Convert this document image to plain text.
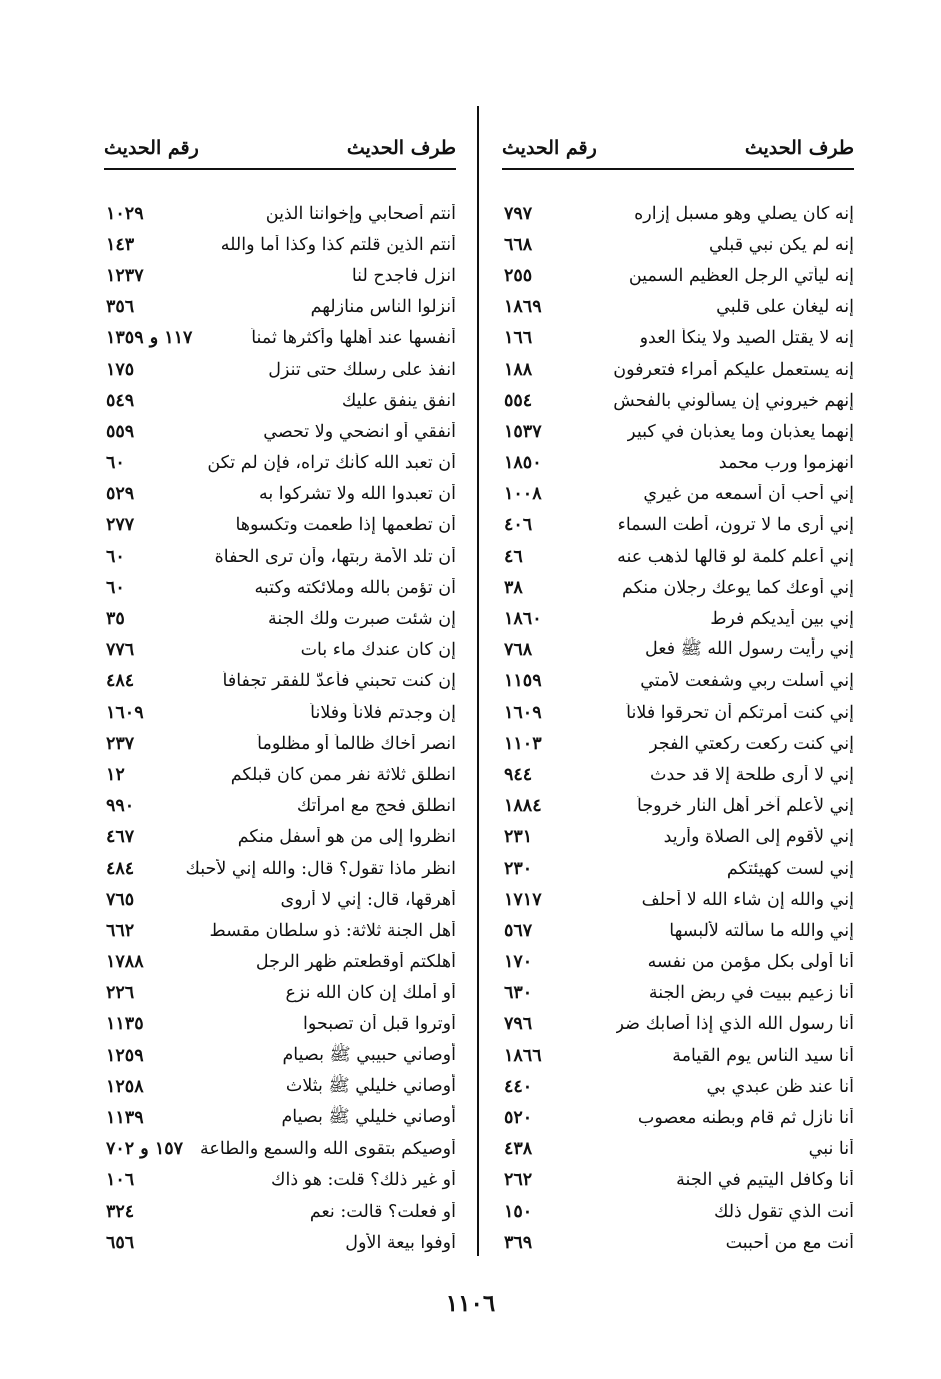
طرف الحديث
رقم الحديث
إنه كان يصلي وهو مسبل إزاره
٧٩٧
إنه لم يكن نبي قبلي
٦٦٨
إنه ليأتي الرجل العظيم السمين
٢٥٥
إنه ليغان على قلبي
١٨٦٩
إنه لا يقتل الصيد ولا ينكأ العدو
١٦٦
إنه يستعمل عليكم أمراء فتعرفون
١٨٨
إنهم خيروني إن يسألوني بالفحش
٥٥٤
إنهما يعذبان وما يعذبان في كبير
١٥٣٧
انهزموا ورب محمد
١٨٥٠
إني أحب أن أسمعه من غيري
١٠٠٨
إني أرى ما لا ترون، أطت السماء
٤٠٦
إني أعلم كلمة لو قالها لذهب عنه
٤٦
إني أوعك كما يوعك رجلان منكم
٣٨
إني بين أيديكم فرط
١٨٦٠
إني رأيت رسول الله ﷺ فعل
٧٦٨
إني أسلت ربي وشفعت لأمتي
١١٥٩
إني كنت أمرتكم أن تحرقوا فلاناً
١٦٠٩
إني كنت ركعت ركعتي الفجر
١١٠٣
إني لا أرى طلحة إلا قد حدث
٩٤٤
إني لأعلم آخر أهل النار خروجاً
١٨٨٤
إني لأقوم إلى الصلاة وأريد
٢٣١
إني لست كهيئتكم
٢٣٠
إني والله إن شاء الله لا أحلف
١٧١٧
إني والله ما سألته لألبسها
٥٦٧
أنا أولى بكل مؤمن من نفسه
١٧٠
أنا زعيم ببيت في ربض الجنة
٦٣٠
أنا رسول الله الذي إذا أصابك ضر
٧٩٦
أنا سيد الناس يوم القيامة
١٨٦٦
أنا عند ظن عبدي بي
٤٤٠
أنا نازل ثم قام وبطنه معصوب
٥٢٠
أنا نبي
٤٣٨
أنا وكافل اليتيم في الجنة
٢٦٢
أنت الذي تقول ذلك
١٥٠
أنت مع من أحببت
٣٦٩
طرف الحديث
رقم الحديث
أنتم أصحابي وإخواننا الذين
١٠٢٩
أنتم الذين قلتم كذا وكذا أما والله
١٤٣
انزل فاجدح لنا
١٢٣٧
أنزلوا الناس منازلهم
٣٥٦
أنفسها عند أهلها وأكثرها ثمناً
١١٧ و ١٣٥٩
انفذ على رسلك حتى تنزل
١٧٥
انفق ينفق عليك
٥٤٩
أنفقي أو انضحي ولا تحصي
٥٥٩
أن تعبد الله كأنك تراه، فإن لم تكن
٦٠
أن تعبدوا الله ولا تشركوا به
٥٢٩
أن تطعمها إذا طعمت وتكسوها
٢٧٧
أن تلد الأمة ربتها، وأن ترى الحفاة
٦٠
أن تؤمن بالله وملائكته وكتبه
٦٠
إن شئت صبرت ولك الجنة
٣٥
إن كان عندك ماء بات
٧٧٦
إن كنت تحبني فأعدّ للفقر تجفافاً
٤٨٤
إن وجدتم فلاناً وفلاناً
١٦٠٩
انصر أخاك ظالماً أو مظلوماً
٢٣٧
انطلق ثلاثة نفر ممن كان قبلكم
١٢
انطلق فحج مع امرأتك
٩٩٠
انظروا إلى من هو أسفل منكم
٤٦٧
انظر ماذا تقول؟ قال: والله إني لأحبك
٤٨٤
أهرقها، قال: إني لا أروى
٧٦٥
أهل الجنة ثلاثة: ذو سلطان مقسط
٦٦٢
أهلكتم أوقطعتم ظهر الرجل
١٧٨٨
أو أملك إن كان الله نزع
٢٢٦
أوتروا قبل أن تصبحوا
١١٣٥
أوصاني حبيبي ﷺ بصيام
١٢٥٩
أوصاني خليلي ﷺ بثلاث
١٢٥٨
أوصاني خليلي ﷺ بصيام
١١٣٩
أوصيكم بتقوى الله والسمع والطاعة
١٥٧ و ٧٠٢
أو غير ذلك؟ قلت: هو ذاك
١٠٦
أو فعلت؟ قالت: نعم
٣٢٤
أوفوا بيعة الأول
٦٥٦
١١٠٦
